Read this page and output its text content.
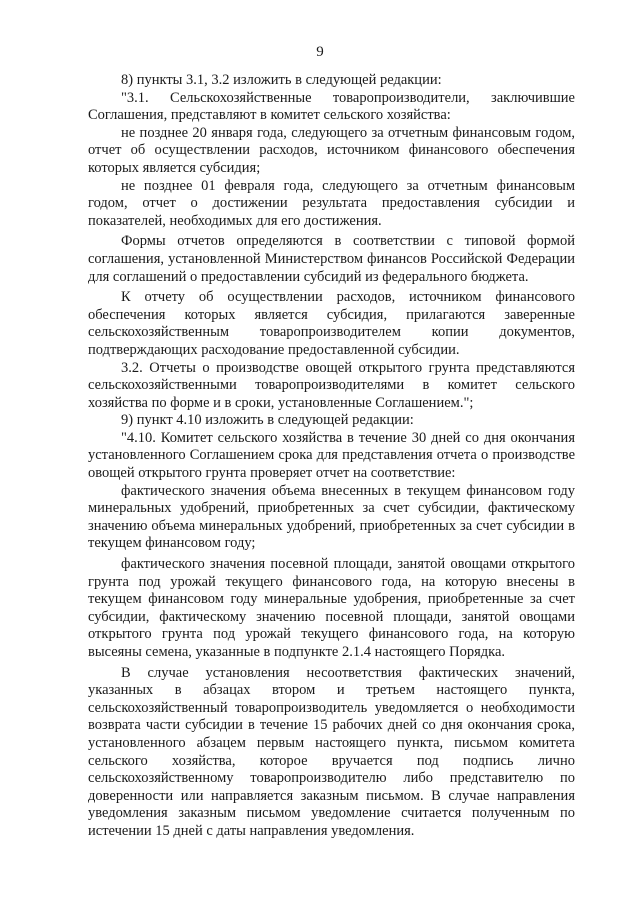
9

8) пункты 3.1, 3.2 изложить в следующей редакции:

"3.1. Сельскохозяйственные товаропроизводители, заключившие Соглашения, представляют в комитет сельского хозяйства:

не позднее 20 января года, следующего за отчетным финансовым годом, отчет об осуществлении расходов, источником финансового обеспечения которых является субсидия;

не позднее 01 февраля года, следующего за отчетным финансовым годом, отчет о достижении результата предоставления субсидии и показателей, необходимых для его достижения.

Формы отчетов определяются в соответствии с типовой формой соглашения, установленной Министерством финансов Российской Федерации для соглашений о предоставлении субсидий из федерального бюджета.

К отчету об осуществлении расходов, источником финансового обеспечения которых является субсидия, прилагаются заверенные сельскохозяйственным товаропроизводителем копии документов, подтверждающих расходование предоставленной субсидии.

3.2. Отчеты о производстве овощей открытого грунта представляются сельскохозяйственными товаропроизводителями в комитет сельского хозяйства по форме и в сроки, установленные Соглашением.";

9) пункт 4.10 изложить в следующей редакции:

"4.10. Комитет сельского хозяйства в течение 30 дней со дня окончания установленного Соглашением срока для представления отчета о производстве овощей открытого грунта проверяет отчет на соответствие:

фактического значения объема внесенных в текущем финансовом году минеральных удобрений, приобретенных за счет субсидии, фактическому значению объема минеральных удобрений, приобретенных за счет субсидии в текущем финансовом году;

фактического значения посевной площади, занятой овощами открытого грунта под урожай текущего финансового года, на которую внесены в текущем финансовом году минеральные удобрения, приобретенные за счет субсидии, фактическому значению посевной площади, занятой овощами открытого грунта под урожай текущего финансового года, на которую высеяны семена, указанные в подпункте 2.1.4 настоящего Порядка.

В случае установления несоответствия фактических значений, указанных в абзацах втором и третьем настоящего пункта, сельскохозяйственный товаропроизводитель уведомляется о необходимости возврата части субсидии в течение 15 рабочих дней со дня окончания срока, установленного абзацем первым настоящего пункта, письмом комитета сельского хозяйства, которое вручается под подпись лично сельскохозяйственному товаропроизводителю либо представителю по доверенности или направляется заказным письмом. В случае направления уведомления заказным письмом уведомление считается полученным по истечении 15 дней с даты направления уведомления.
